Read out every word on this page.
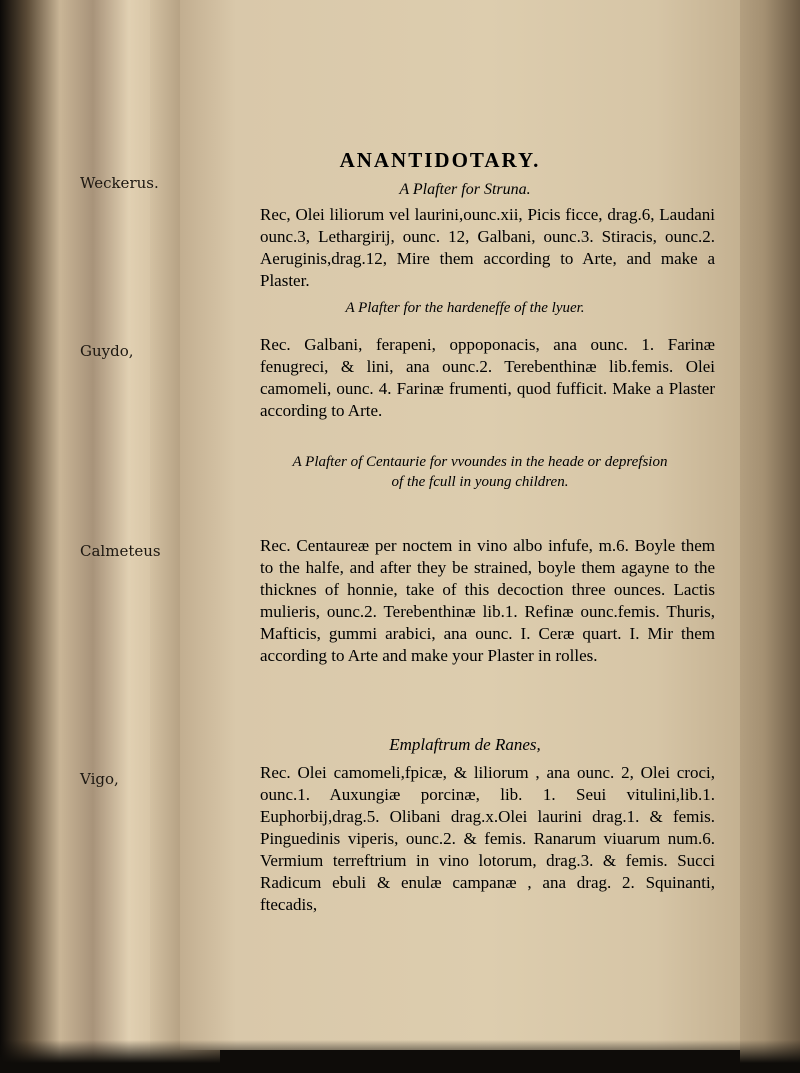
ANANTIDOTARY.
Weckerus.	A Plafter for Struna.
Rec, Olei liliorum vel laurini,ounc.xii, Picis ficce, drag.6, Laudani ounc.3, Lethargirij, ounc. 12, Galbani, ounc.3. Stiracis, ounc.2. Aeruginis,drag.12, Mire them according to Arte, and make a Plaster.
Guydo,
A Plafter for the hardeneffe of the lyuer.
Rec. Galbani, ferapeni, oppoponacis, ana ounc. 1. Farinæ fenugreci, & lini, ana ounc.2. Terebenthinæ lib.femis. Olei camomeli, ounc. 4. Farinæ frumenti, quod fufficit. Make a Plaster according to Arte.
Calmeteus
A Plafter of Centaurie for vvoundes in the heade or deprefsion of the fcull in young children.
Rec. Centaureæ per noctem in vino albo infufe, m.6. Boyle them to the halfe, and after they be strained, boyle them agayne to the thicknes of honnie, take of this decoction three ounces. Lactis mulieris, ounc.2. Terebenthinæ lib.1. Refinæ ounc.femis. Thuris, Mafticis, gummi arabici, ana ounc. I. Ceræ quart. I. Mir them according to Arte and make your Plaster in rolles.
Vigo,
Emplaftrum de Ranes,
Rec. Olei camomeli,fpicæ, & liliorum , ana ounc. 2, Olei croci, ounc.1. Auxungiæ porcinæ, lib. 1. Seui vitulini,lib.1. Euphorbij,drag.5. Olibani drag.x.Olei laurini drag.1. & femis. Pinguedinis viperis, ounc.2. & femis. Ranarum viuarum num.6. Vermium terreftrium in vino lotorum, drag.3. & femis. Succi Radicum ebuli & enulæ campanæ , ana drag. 2. Squinanti, ftecadis,
